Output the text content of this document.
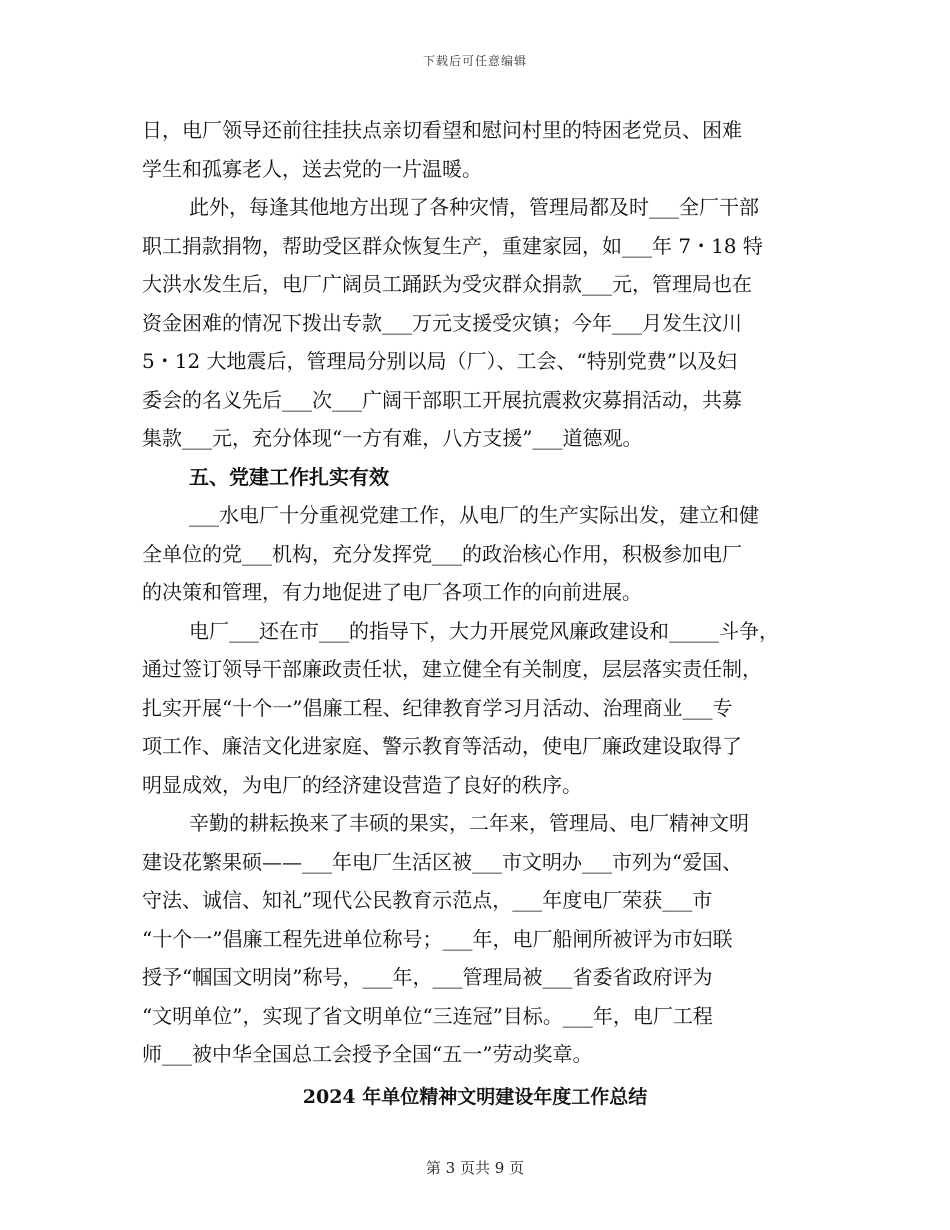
下载后可任意编辑
日，电厂领导还前往挂扶点亲切看望和慰问村里的特困老党员、困难
学生和孤寡老人，送去党的一片温暖。
此外，每逢其他地方出现了各种灾情，管理局都及时___全厂干部
职工捐款捐物，帮助受区群众恢复生产，重建家园，如___年 7・18 特
大洪水发生后，电厂广阔员工踊跃为受灾群众捐款___元，管理局也在
资金困难的情况下拨出专款___万元支援受灾镇；今年___月发生汶川
5・12 大地震后，管理局分别以局（厂）、工会、“特别党费”以及妇
委会的名义先后___次___广阔干部职工开展抗震救灾募捐活动，共募
集款___元，充分体现“一方有难，八方支援”___道德观。
五、党建工作扎实有效
___水电厂十分重视党建工作，从电厂的生产实际出发，建立和健
全单位的党___机构，充分发挥党___的政治核心作用，积极参加电厂
的决策和管理，有力地促进了电厂各项工作的向前进展。
电厂___还在市___的指导下，大力开展党风廉政建设和_____斗争，
通过签订领导干部廉政责任状，建立健全有关制度，层层落实责任制，
扎实开展“十个一”倡廉工程、纪律教育学习月活动、治理商业___专
项工作、廉洁文化进家庭、警示教育等活动，使电厂廉政建设取得了
明显成效，为电厂的经济建设营造了良好的秩序。
辛勤的耕耘换来了丰硕的果实，二年来，管理局、电厂精神文明
建设花繁果硕——___年电厂生活区被___市文明办___市列为“爱国、
守法、诚信、知礼”现代公民教育示范点，___年度电厂荣获___市
“十个一”倡廉工程先进单位称号；___年，电厂船闸所被评为市妇联
授予“帼国文明岗”称号，___年，___管理局被___省委省政府评为
“文明单位”，实现了省文明单位“三连冠”目标。___年，电厂工程
师___被中华全国总工会授予全国“五一”劳动奖章。
2024 年单位精神文明建设年度工作总结
第 3 页共 9 页
